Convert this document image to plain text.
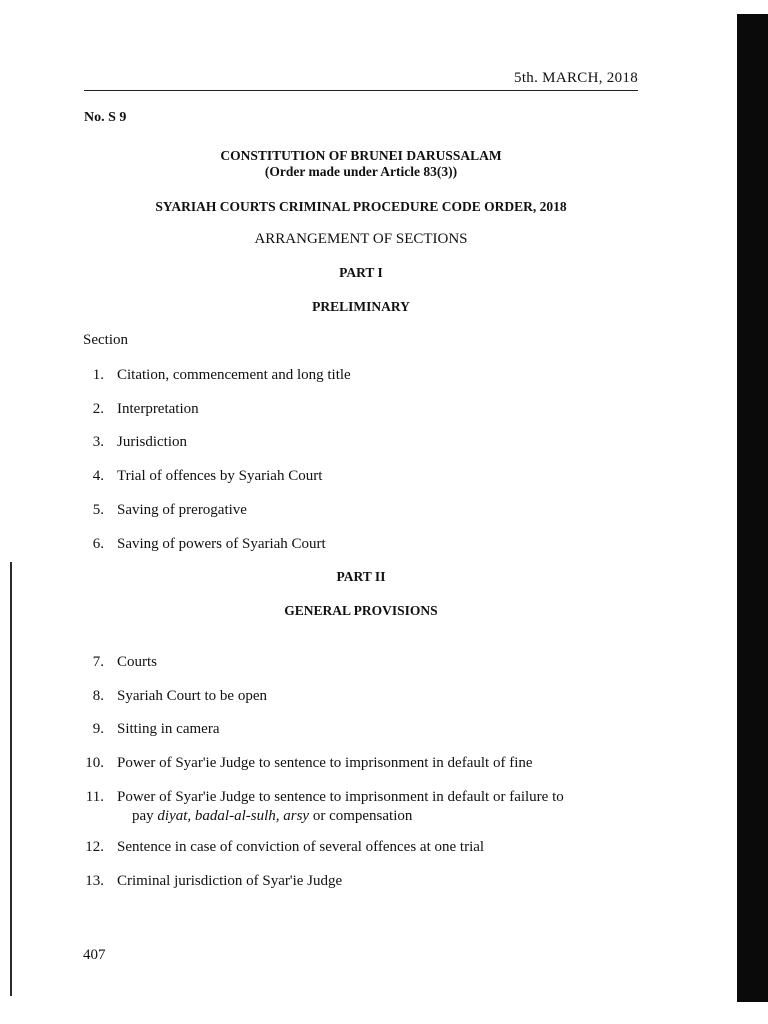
5th. MARCH, 2018
No. S 9
CONSTITUTION OF BRUNEI DARUSSALAM
(Order made under Article 83(3))
SYARIAH COURTS CRIMINAL PROCEDURE CODE ORDER, 2018
ARRANGEMENT OF SECTIONS
PART I
PRELIMINARY
Section
1. Citation, commencement and long title
2. Interpretation
3. Jurisdiction
4. Trial of offences by Syariah Court
5. Saving of prerogative
6. Saving of powers of Syariah Court
PART II
GENERAL PROVISIONS
7. Courts
8. Syariah Court to be open
9. Sitting in camera
10. Power of Syar'ie Judge to sentence to imprisonment in default of fine
11. Power of Syar'ie Judge to sentence to imprisonment in default or failure to
pay diyat, badal-al-sulh, arsy or compensation
12. Sentence in case of conviction of several offences at one trial
13. Criminal jurisdiction of Syar'ie Judge
407
